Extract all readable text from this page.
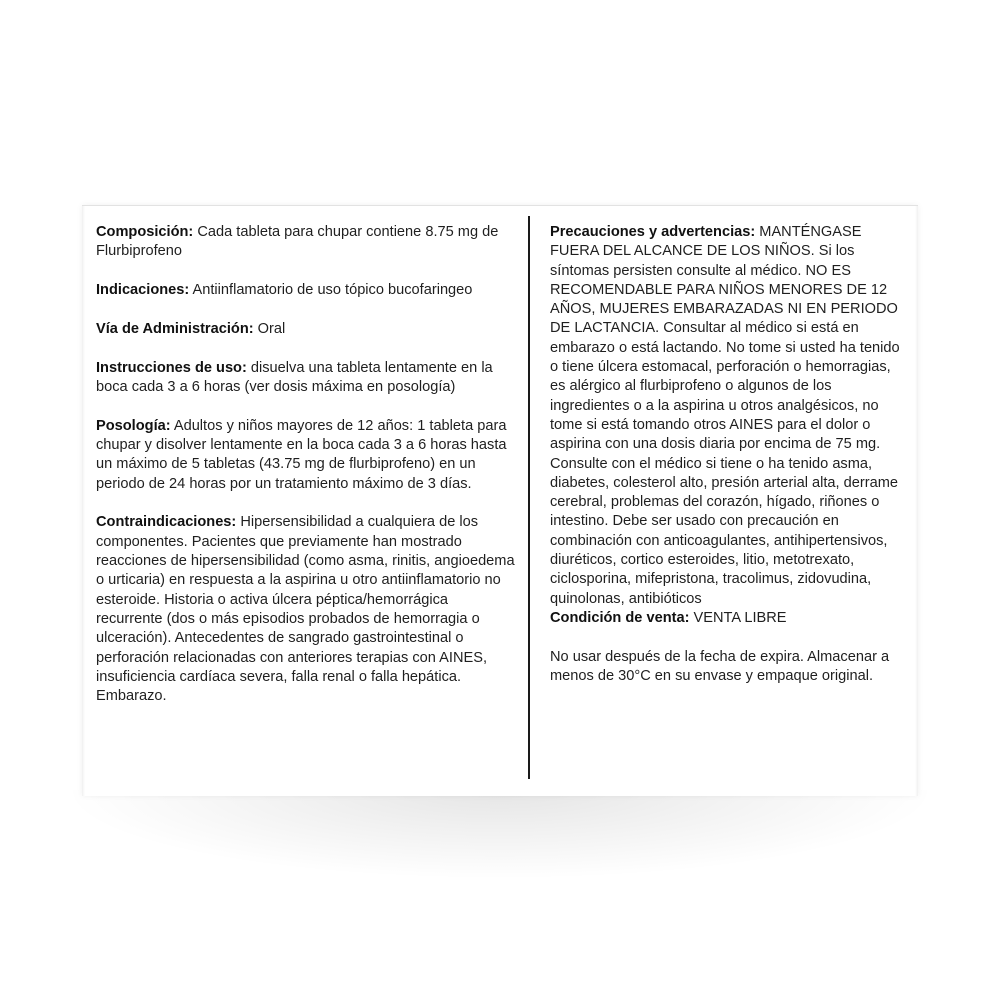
Composición: Cada tableta para chupar contiene 8.75 mg de Flurbiprofeno

Indicaciones: Antiinflamatorio de uso tópico bucofaringeo

Vía de Administración: Oral

Instrucciones de uso: disuelva una tableta lentamente en la boca cada 3 a 6 horas (ver dosis máxima en posología)

Posología: Adultos y niños mayores de 12 años: 1 tableta para chupar y disolver lentamente en la boca cada 3 a 6 horas hasta un máximo de 5 tabletas (43.75 mg de flurbiprofeno) en un periodo de 24 horas por un tratamiento máximo de 3 días.

Contraindicaciones: Hipersensibilidad a cualquiera de los componentes. Pacientes que previamente han mostrado reacciones de hipersensibilidad (como asma, rinitis, angioedema o urticaria) en respuesta a la aspirina u otro antiinflamatorio no esteroide. Historia o activa úlcera péptica/hemorrágica recurrente (dos o más episodios probados de hemorragia o ulceración). Antecedentes de sangrado gastrointestinal o perforación relacionadas con anteriores terapias con AINES, insuficiencia cardíaca severa, falla renal o falla hepática. Embarazo.

Precauciones y advertencias: MANTÉNGASE FUERA DEL ALCANCE DE LOS NIÑOS. Si los síntomas persisten consulte al médico. NO ES RECOMENDABLE PARA NIÑOS MENORES DE 12 AÑOS, MUJERES EMBARAZADAS NI EN PERIODO DE LACTANCIA. Consultar al médico si está en embarazo o está lactando. No tome si usted ha tenido o tiene úlcera estomacal, perforación o hemorragias, es alérgico al flurbiprofeno o algunos de los ingredientes o a la aspirina u otros analgésicos, no tome si está tomando otros AINES para el dolor o aspirina con una dosis diaria por encima de 75 mg. Consulte con el médico si tiene o ha tenido asma, diabetes, colesterol alto, presión arterial alta, derrame cerebral, problemas del corazón, hígado, riñones o intestino. Debe ser usado con precaución en combinación con anticoagulantes, antihipertensivos, diuréticos, cortico esteroides, litio, metotrexato, ciclosporina, mifepristona, tracolimus, zidovudina, quinolonas, antibióticos

Condición de venta: VENTA LIBRE

No usar después de la fecha de expira. Almacenar a menos de 30°C en su envase y empaque original.
